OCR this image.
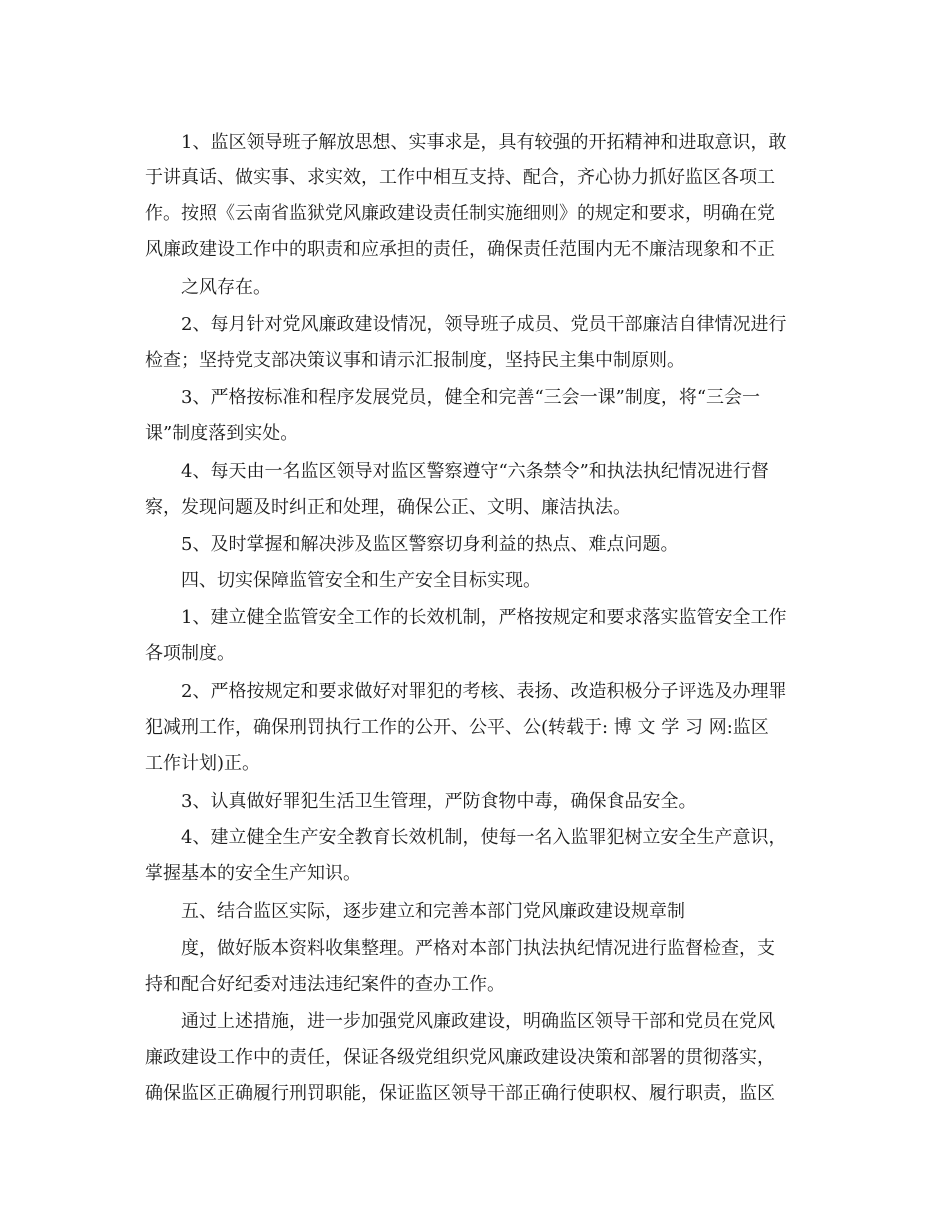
1、监区领导班子解放思想、实事求是，具有较强的开拓精神和进取意识，敢
于讲真话、做实事、求实效，工作中相互支持、配合，齐心协力抓好监区各项工
作。按照《云南省监狱党风廉政建设责任制实施细则》的规定和要求，明确在党
风廉政建设工作中的职责和应承担的责任，确保责任范围内无不廉洁现象和不正
之风存在。
2、每月针对党风廉政建设情况，领导班子成员、党员干部廉洁自律情况进行
检查；坚持党支部决策议事和请示汇报制度，坚持民主集中制原则。
3、严格按标准和程序发展党员，健全和完善“三会一课”制度，将“三会一
课”制度落到实处。
4、每天由一名监区领导对监区警察遵守“六条禁令”和执法执纪情况进行督
察，发现问题及时纠正和处理，确保公正、文明、廉洁执法。
5、及时掌握和解决涉及监区警察切身利益的热点、难点问题。
四、切实保障监管安全和生产安全目标实现。
1、建立健全监管安全工作的长效机制，严格按规定和要求落实监管安全工作
各项制度。
2、严格按规定和要求做好对罪犯的考核、表扬、改造积极分子评选及办理罪
犯减刑工作，确保刑罚执行工作的公开、公平、公(转载于: 博 文 学 习 网:监区
工作计划)正。
3、认真做好罪犯生活卫生管理，严防食物中毒，确保食品安全。
4、建立健全生产安全教育长效机制，使每一名入监罪犯树立安全生产意识，
掌握基本的安全生产知识。
五、结合监区实际，逐步建立和完善本部门党风廉政建设规章制
度，做好版本资料收集整理。严格对本部门执法执纪情况进行监督检查，支
持和配合好纪委对违法违纪案件的查办工作。
通过上述措施，进一步加强党风廉政建设，明确监区领导干部和党员在党风
廉政建设工作中的责任，保证各级党组织党风廉政建设决策和部署的贯彻落实，
确保监区正确履行刑罚职能，保证监区领导干部正确行使职权、履行职责，监区
